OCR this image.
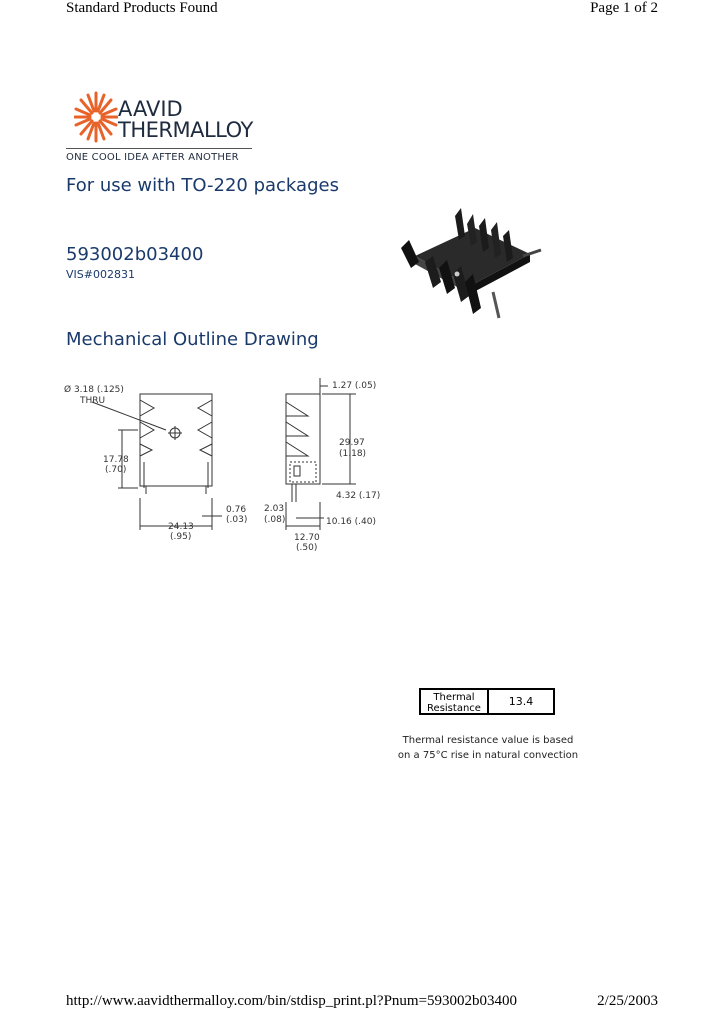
Standard Products Found	Page 1 of 2
AAVID
THERMALLOY
ONE COOL IDEA AFTER ANOTHER
For use with TO-220 packages
593002b03400
VIS#002831
Mechanical Outline Drawing
Ø 3.18 (.125)
THRU
17.78
(.70)
24.13
(.95)
0.76
(.03)
1.27 (.05)
29.97
(1.18)
4.32 (.17)
2.03
(.08)	10.16 (.40)
12.70
(.50)
Thermal
Resistance
13.4
Thermal resistance value is based
on a 75°C rise in natural convection
http://www.aavidthermalloy.com/bin/stdisp_print.pl?Pnum=593002b03400	2/25/2003
